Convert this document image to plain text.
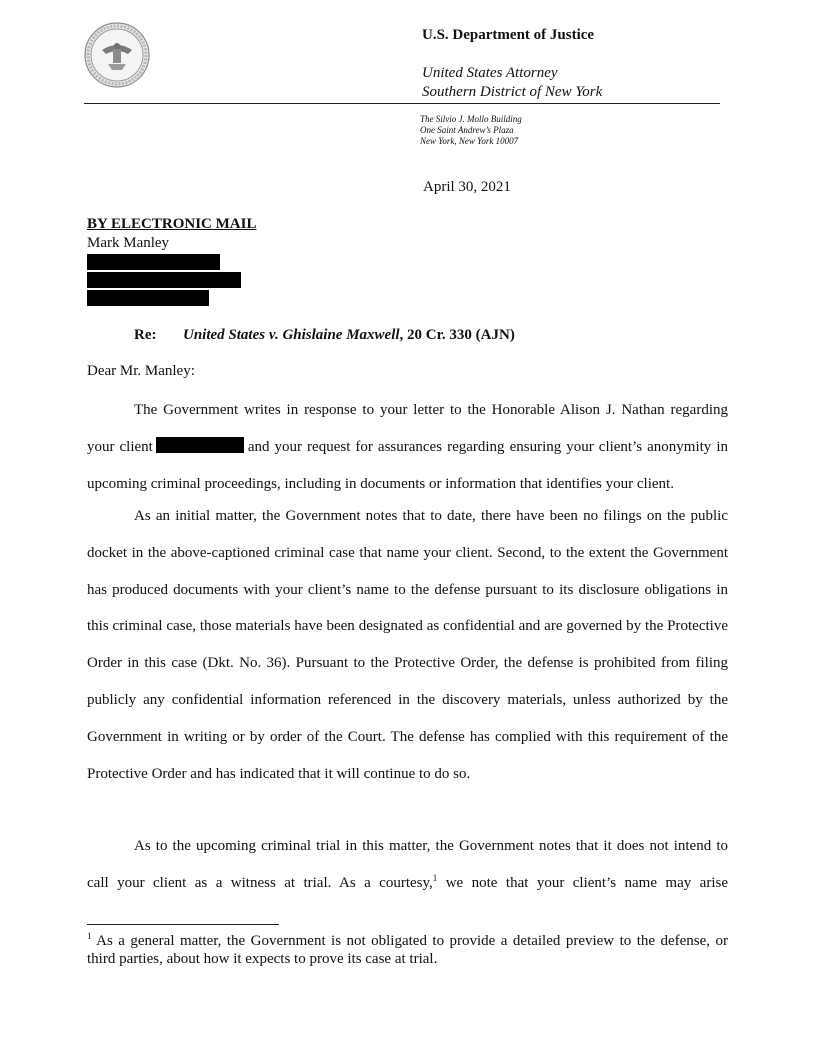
U.S. Department of Justice
United States Attorney
Southern District of New York
The Silvio J. Mollo Building
One Saint Andrew’s Plaza
New York, New York 10007
April 30, 2021
BY ELECTRONIC MAIL
Mark Manley
Re: United States v. Ghislaine Maxwell, 20 Cr. 330 (AJN)
Dear Mr. Manley:

The Government writes in response to your letter to the Honorable Alison J. Nathan regarding your client	and your request for assurances regarding ensuring your client’s anonymity in upcoming criminal proceedings, including in documents or information that identifies your client.

As an initial matter, the Government notes that to date, there have been no filings on the public docket in the above-captioned criminal case that name your client. Second, to the extent the Government has produced documents with your client’s name to the defense pursuant to its disclosure obligations in this criminal case, those materials have been designated as confidential and are governed by the Protective Order in this case (Dkt. No. 36). Pursuant to the Protective Order, the defense is prohibited from filing publicly any confidential information referenced in the discovery materials, unless authorized by the Government in writing or by order of the Court. The defense has complied with this requirement of the Protective Order and has indicated that it will continue to do so.

As to the upcoming criminal trial in this matter, the Government notes that it does not intend to call your client as a witness at trial. As a courtesy,$^1$ we note that your client’s name may arise

$^1$ As a general matter, the Government is not obligated to provide a detailed preview to the defense, or third parties, about how it expects to prove its case at trial.
